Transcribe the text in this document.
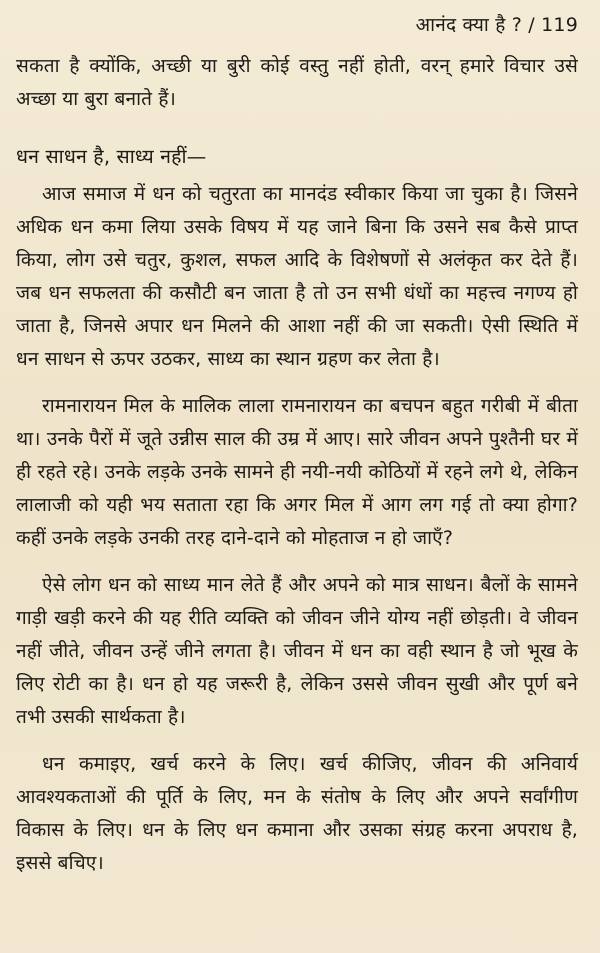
आनंद क्या है ? / 119

सकता है क्योंकि, अच्छी या बुरी कोई वस्तु नहीं होती, वरन् हमारे विचार उसे अच्छा या बुरा बनाते हैं।

धन साधन है, साध्य नहीं—

आज समाज में धन को चतुरता का मानदंड स्वीकार किया जा चुका है। जिसने अधिक धन कमा लिया उसके विषय में यह जाने बिना कि उसने सब कैसे प्राप्त किया, लोग उसे चतुर, कुशल, सफल आदि के विशेषणों से अलंकृत कर देते हैं। जब धन सफलता की कसौटी बन जाता है तो उन सभी धंधों का महत्त्व नगण्य हो जाता है, जिनसे अपार धन मिलने की आशा नहीं की जा सकती। ऐसी स्थिति में धन साधन से ऊपर उठकर, साध्य का स्थान ग्रहण कर लेता है।

रामनारायन मिल के मालिक लाला रामनारायन का बचपन बहुत गरीबी में बीता था। उनके पैरों में जूते उन्नीस साल की उम्र में आए। सारे जीवन अपने पुश्तैनी घर में ही रहते रहे। उनके लड़के उनके सामने ही नयी-नयी कोठियों में रहने लगे थे, लेकिन लालाजी को यही भय सताता रहा कि अगर मिल में आग लग गई तो क्या होगा? कहीं उनके लड़के उनकी तरह दाने-दाने को मोहताज न हो जाएँ?

ऐसे लोग धन को साध्य मान लेते हैं और अपने को मात्र साधन। बैलों के सामने गाड़ी खड़ी करने की यह रीति व्यक्ति को जीवन जीने योग्य नहीं छोड़ती। वे जीवन नहीं जीते, जीवन उन्हें जीने लगता है। जीवन में धन का वही स्थान है जो भूख के लिए रोटी का है। धन हो यह जरूरी है, लेकिन उससे जीवन सुखी और पूर्ण बने तभी उसकी सार्थकता है।

धन कमाइए, खर्च करने के लिए। खर्च कीजिए, जीवन की अनिवार्य आवश्यकताओं की पूर्ति के लिए, मन के संतोष के लिए और अपने सर्वांगीण विकास के लिए। धन के लिए धन कमाना और उसका संग्रह करना अपराध है, इससे बचिए।
